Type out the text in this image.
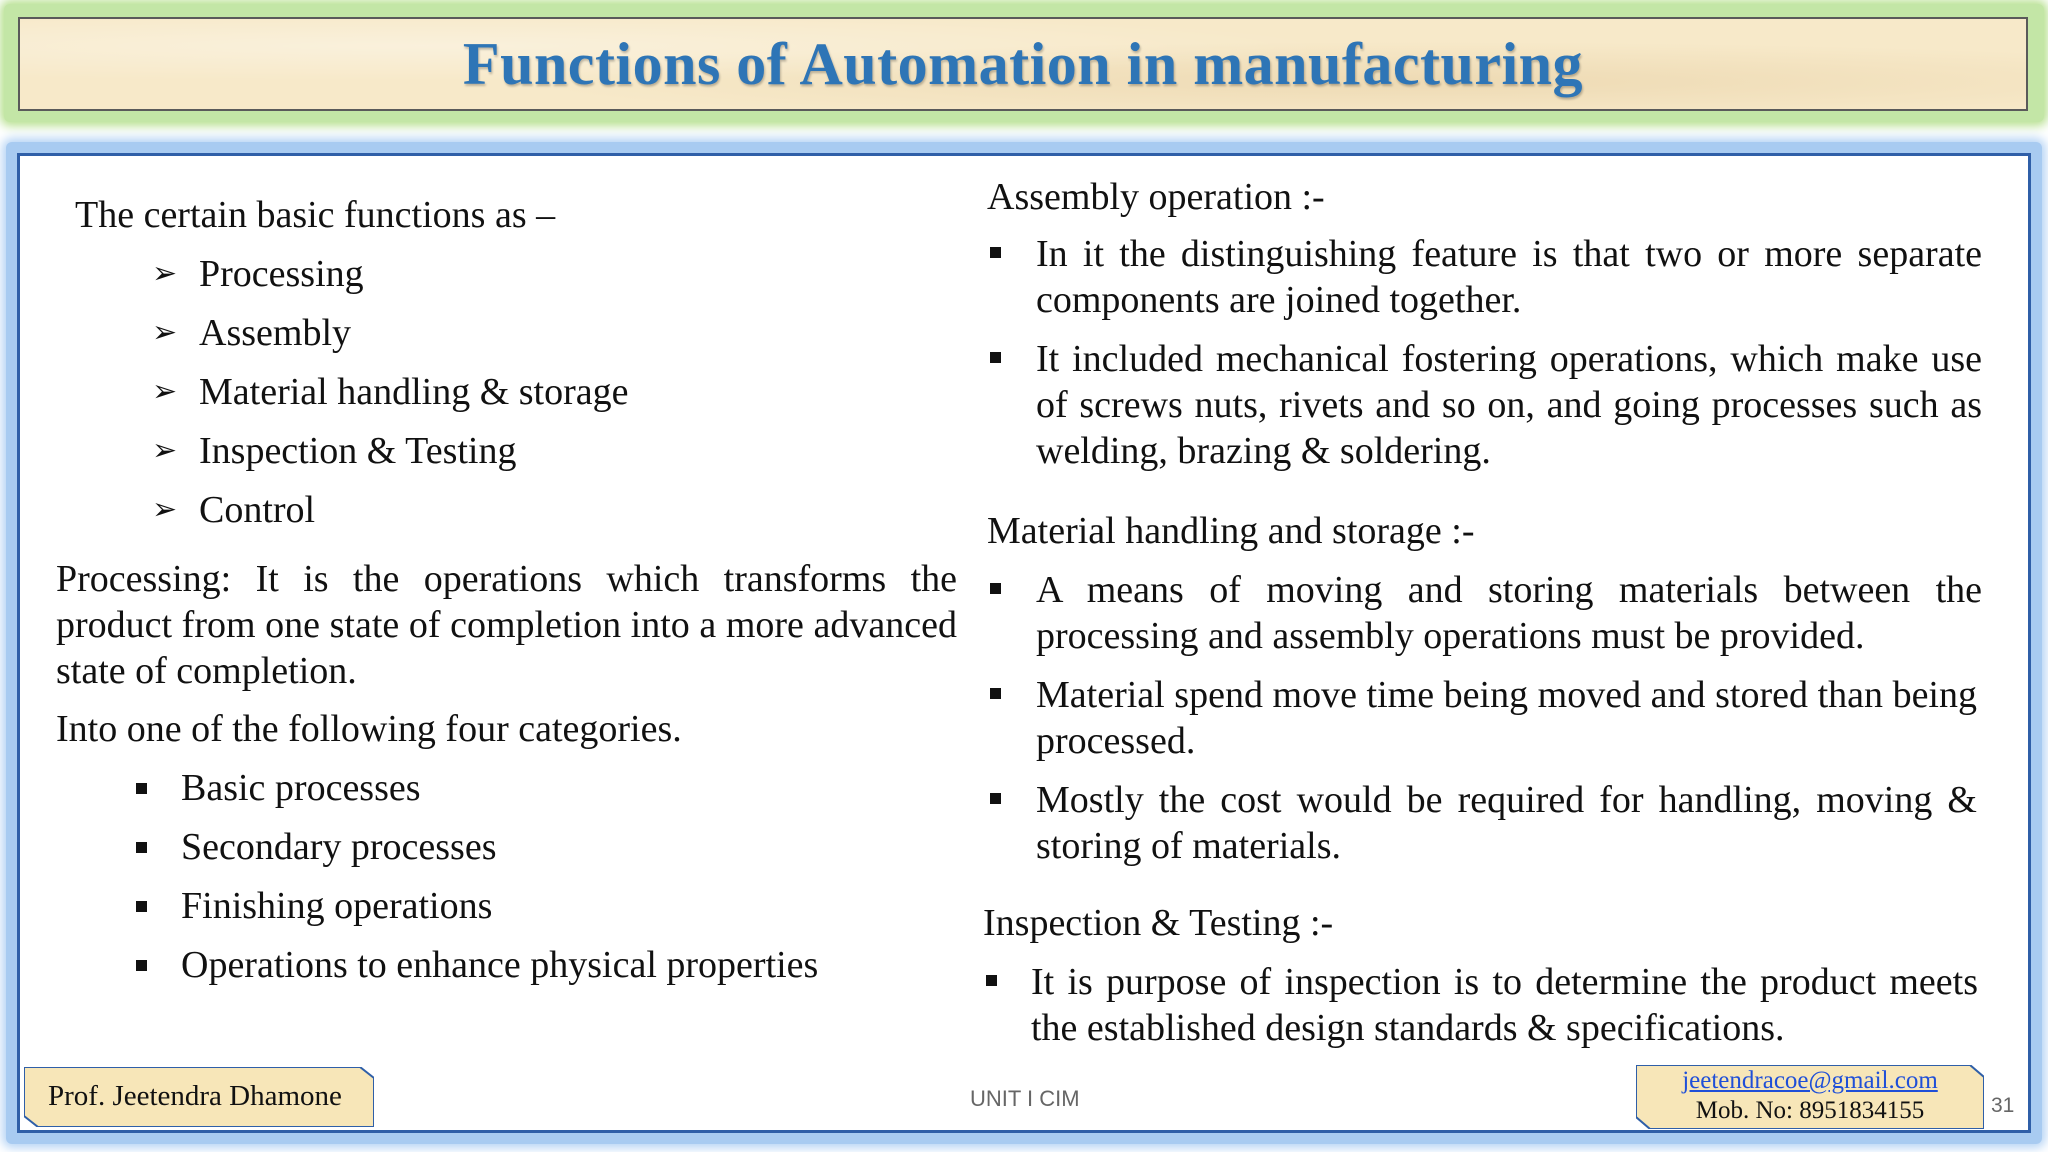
Functions of Automation in manufacturing
The certain basic functions as –
➢ Processing
➢ Assembly
➢ Material handling & storage
➢ Inspection & Testing
➢ Control
Processing: It is the operations which transforms the product from one state of completion into a more advanced state of completion.
Into one of the following four categories.
Basic processes
Secondary processes
Finishing operations
Operations to enhance physical properties
Assembly operation :-
In it the distinguishing feature is that two or more separate components are joined together.
It included mechanical fostering operations, which make use of screws nuts, rivets and so on, and going processes such as welding, brazing & soldering.
Material handling and storage :-
A means of moving and storing materials between the processing and assembly operations must be provided.
Material spend move time being moved and stored than being processed.
Mostly the cost would be required for handling, moving & storing of materials.
Inspection & Testing :-
It is purpose of inspection is to determine the product meets the established design standards & specifications.
Prof. Jeetendra Dhamone	UNIT I CIM
jeetendracoe@gmail.com
Mob. No: 8951834155	31
